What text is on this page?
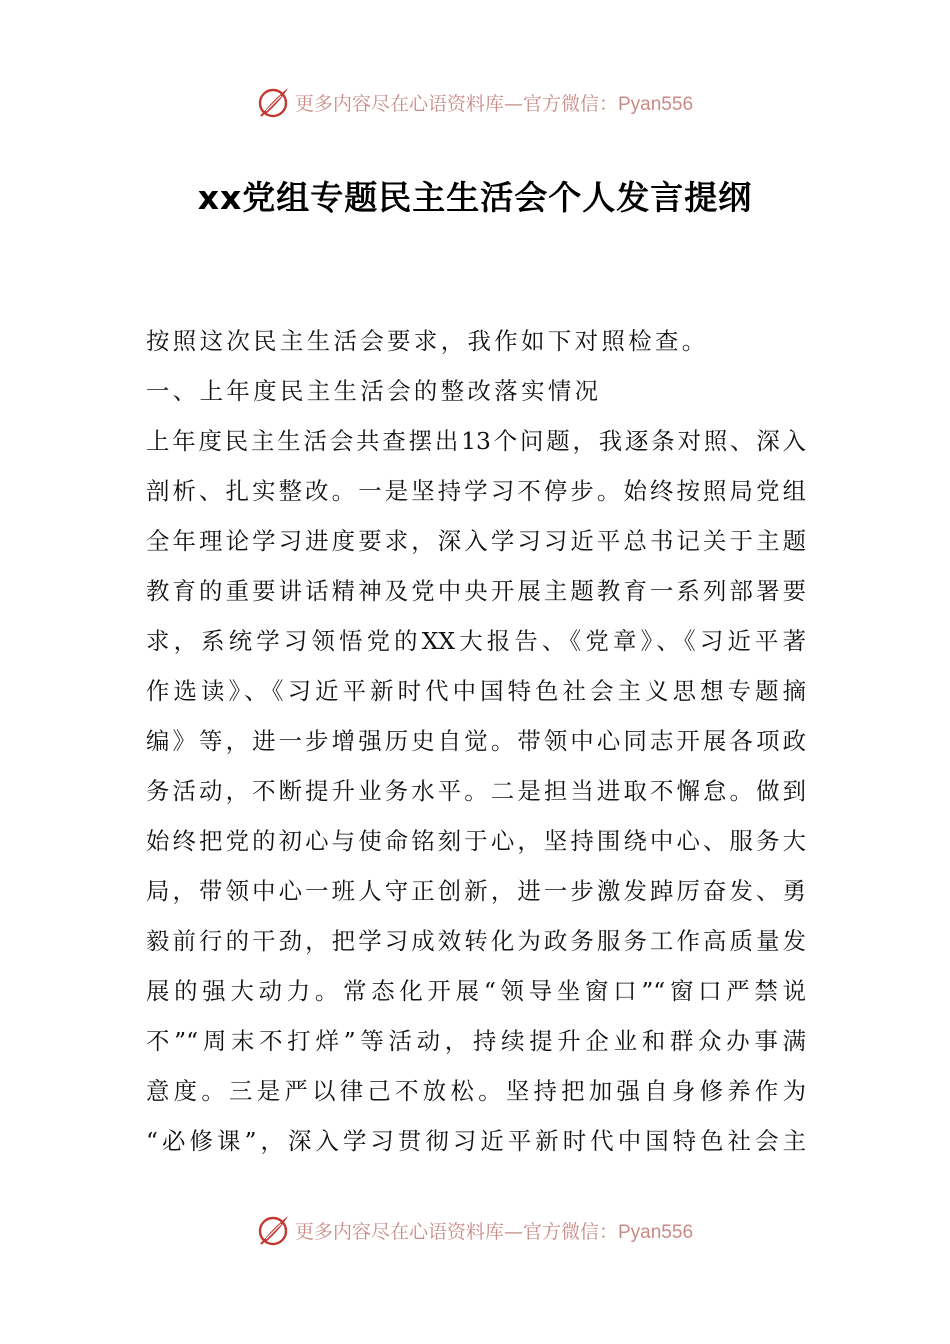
更多内容尽在心语资料库—官方微信：Pyan556
xx党组专题民主生活会个人发言提纲
按照这次民主生活会要求，我作如下对照检查。
一、上年度民主生活会的整改落实情况
上年度民主生活会共查摆出13个问题，我逐条对照、深入
剖析、扎实整改。一是坚持学习不停步。始终按照局党组
全年理论学习进度要求，深入学习习近平总书记关于主题
教育的重要讲话精神及党中央开展主题教育一系列部署要
求，系统学习领悟党的XX大报告、《党章》、《习近平著
作选读》、《习近平新时代中国特色社会主义思想专题摘
编》等，进一步增强历史自觉。带领中心同志开展各项政
务活动，不断提升业务水平。二是担当进取不懈怠。做到
始终把党的初心与使命铭刻于心，坚持围绕中心、服务大
局，带领中心一班人守正创新，进一步激发踔厉奋发、勇
毅前行的干劲，把学习成效转化为政务服务工作高质量发
展的强大动力。常态化开展“领导坐窗口”“窗口严禁说
不”“周末不打烊”等活动，持续提升企业和群众办事满
意度。三是严以律己不放松。坚持把加强自身修养作为
“必修课”，深入学习贯彻习近平新时代中国特色社会主
更多内容尽在心语资料库—官方微信：Pyan556
